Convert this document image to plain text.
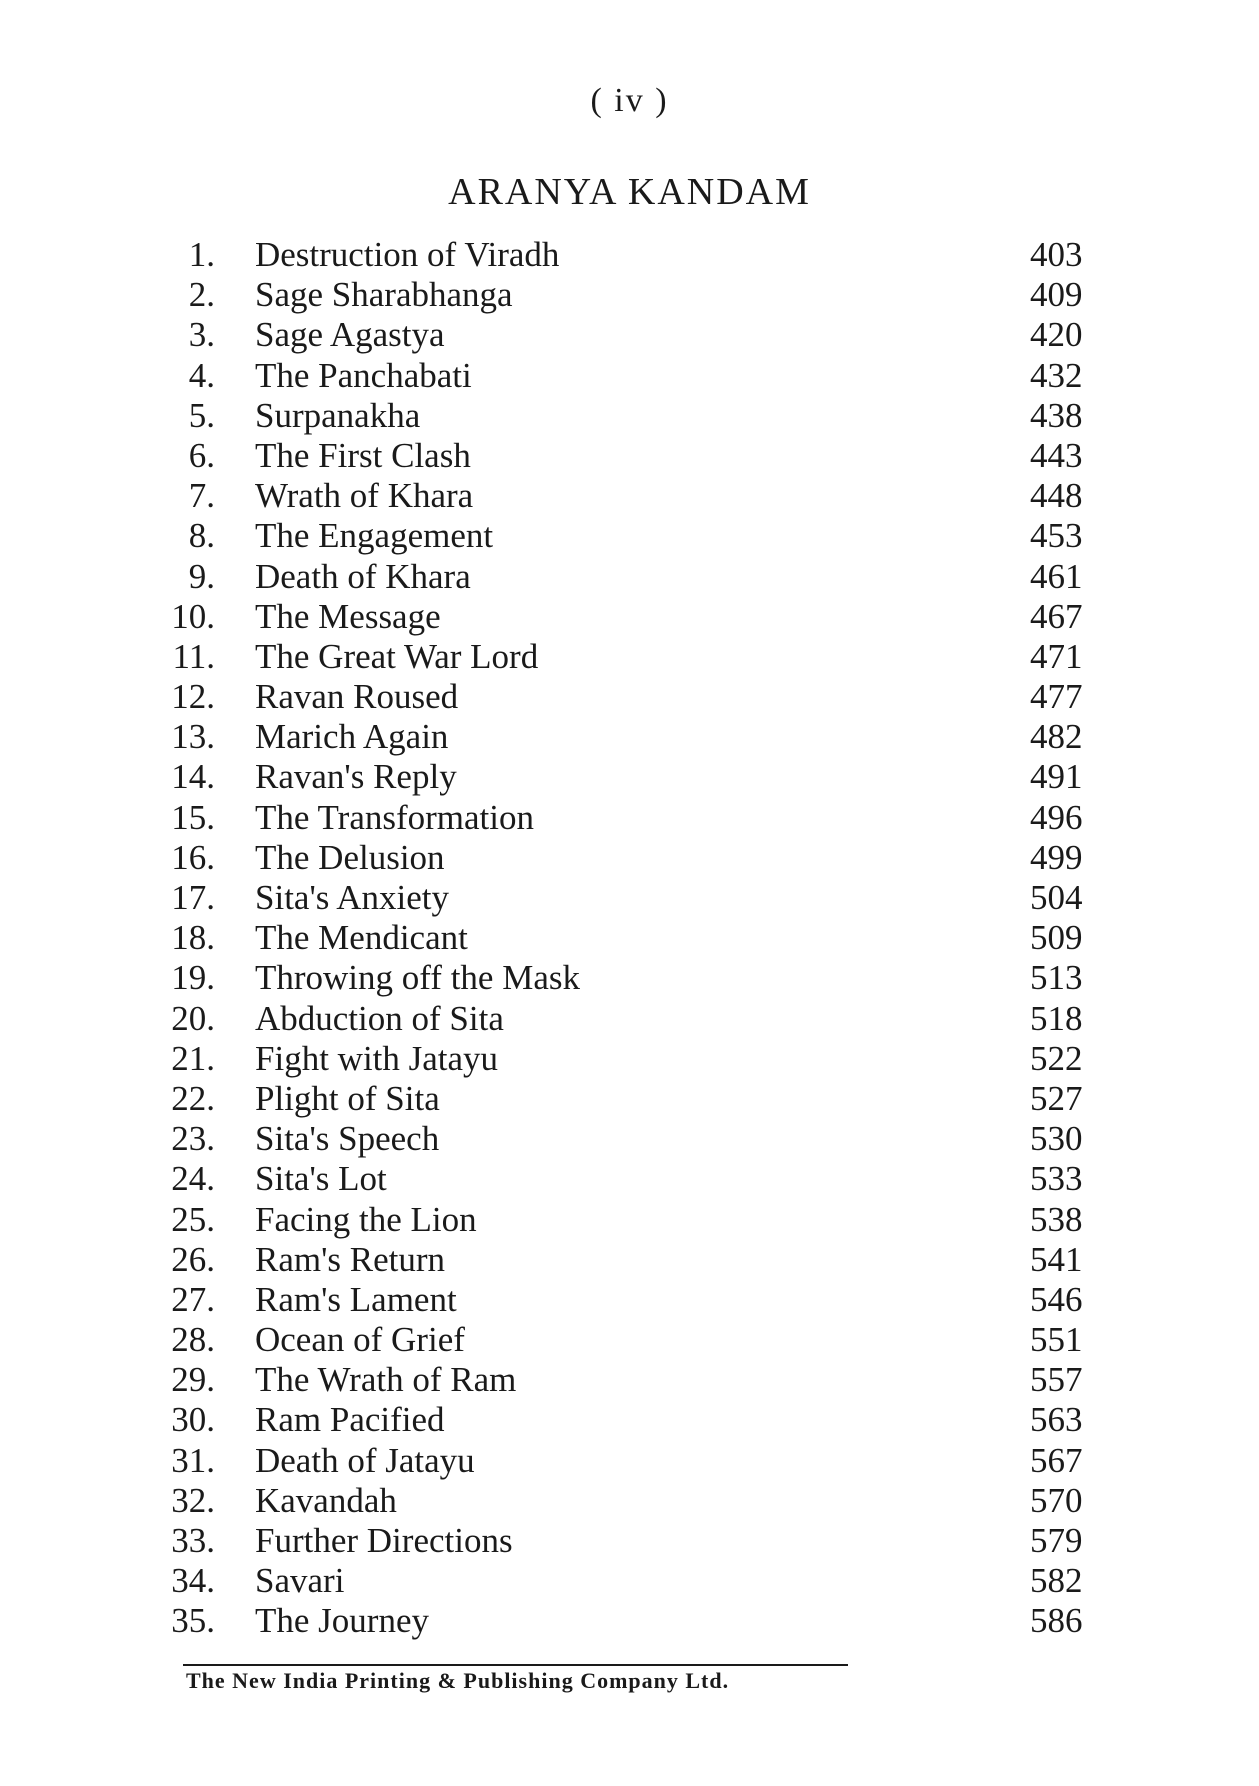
( iv )
ARANYA KANDAM
1. Destruction of Viradh	403
2. Sage Sharabhanga	409
3. Sage Agastya	420
4. The Panchabati	432
5. Surpanakha	438
6. The First Clash	443
7. Wrath of Khara	448
8. The Engagement	453
9. Death of Khara	461
10. The Message	467
11. The Great War Lord	471
12. Ravan Roused	477
13. Marich Again	482
14. Ravan's Reply	491
15. The Transformation	496
16. The Delusion	499
17. Sita's Anxiety	504
18. The Mendicant	509
19. Throwing off the Mask	513
20. Abduction of Sita	518
21. Fight with Jatayu	522
22. Plight of Sita	527
23. Sita's Speech	530
24. Sita's Lot	533
25. Facing the Lion	538
26. Ram's Return	541
27. Ram's Lament	546
28. Ocean of Grief	551
29. The Wrath of Ram	557
30. Ram Pacified	563
31. Death of Jatayu	567
32. Kavandah	570
33. Further Directions	579
34. Savari	582
35. The Journey	586
The New India Printing & Publishing Company Ltd.
